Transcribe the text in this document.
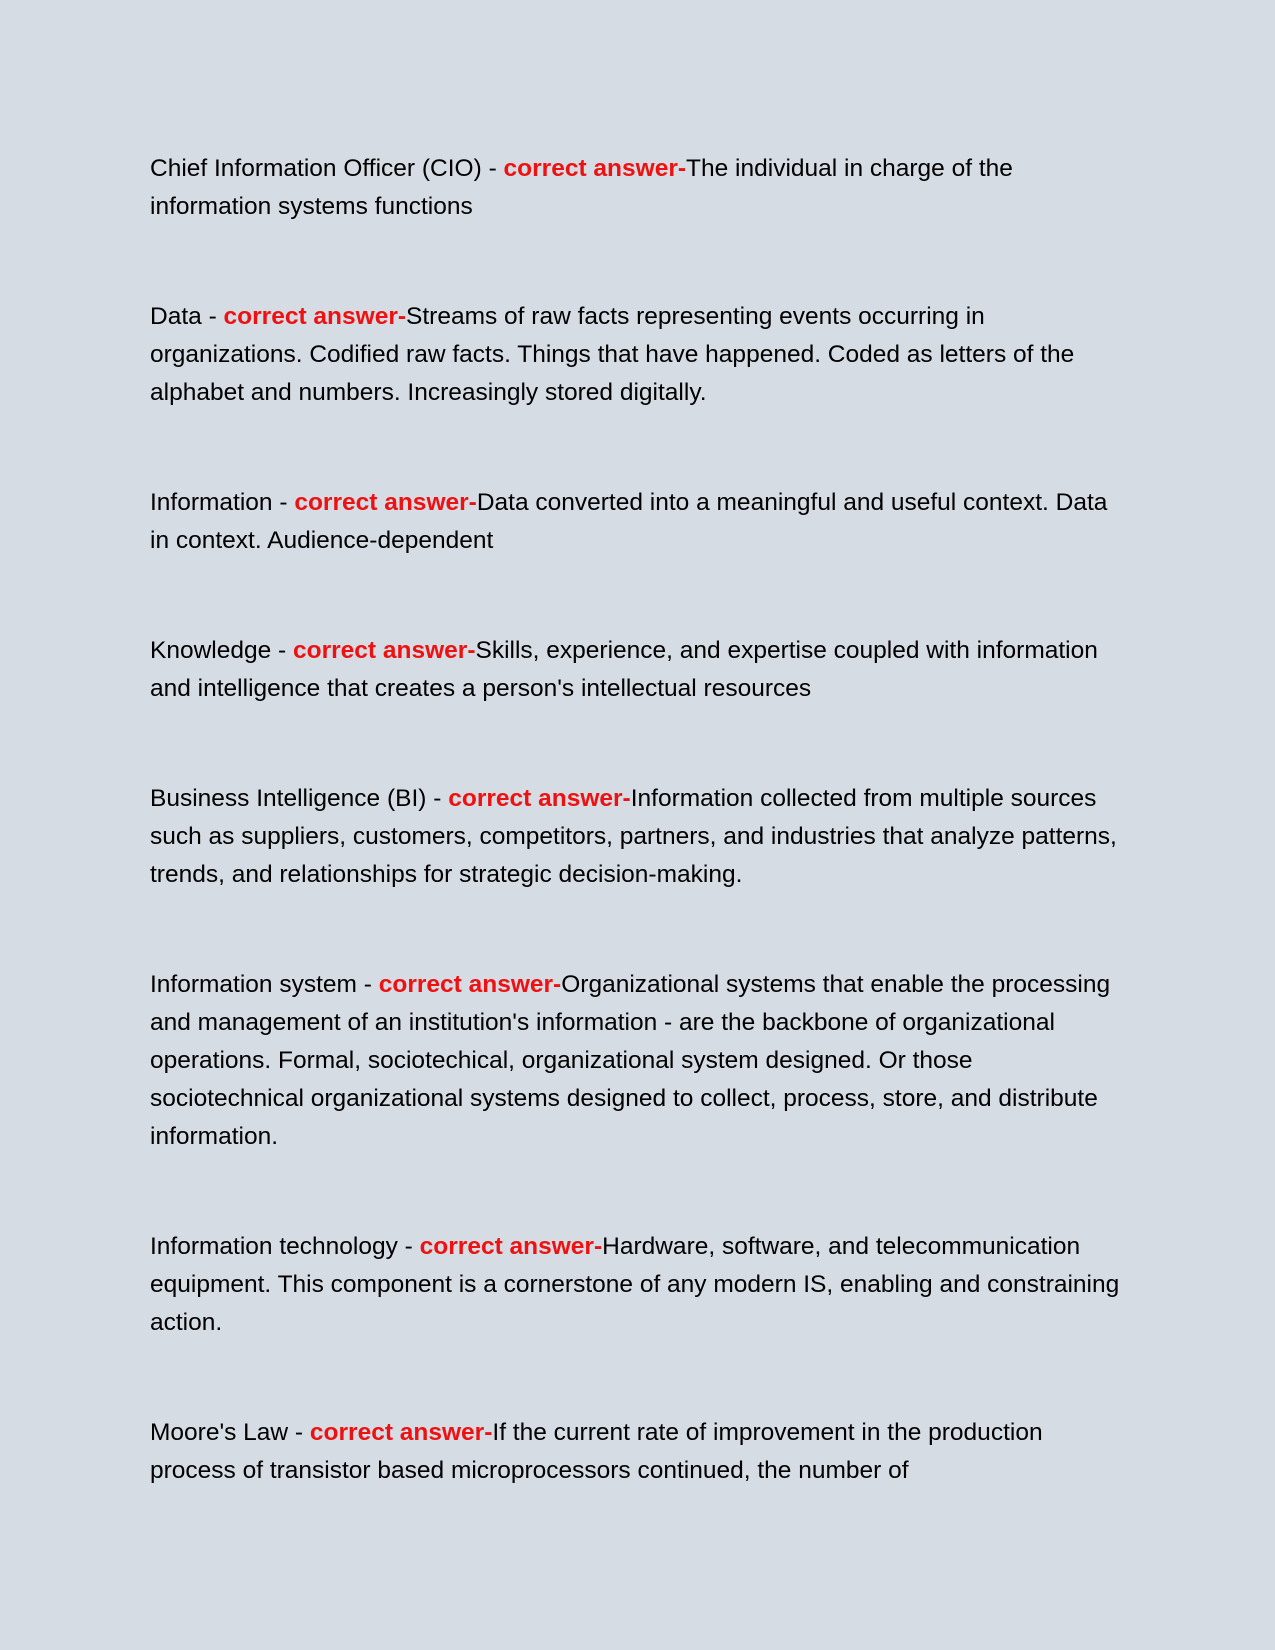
Chief Information Officer (CIO) - correct answer-The individual in charge of the information systems functions

Data - correct answer-Streams of raw facts representing events occurring in organizations. Codified raw facts. Things that have happened. Coded as letters of the alphabet and numbers. Increasingly stored digitally.

Information - correct answer-Data converted into a meaningful and useful context. Data in context. Audience-dependent

Knowledge - correct answer-Skills, experience, and expertise coupled with information and intelligence that creates a person's intellectual resources

Business Intelligence (BI) - correct answer-Information collected from multiple sources such as suppliers, customers, competitors, partners, and industries that analyze patterns, trends, and relationships for strategic decision-making.

Information system - correct answer-Organizational systems that enable the processing and management of an institution's information - are the backbone of organizational operations. Formal, sociotechical, organizational system designed. Or those sociotechnical organizational systems designed to collect, process, store, and distribute information.

Information technology - correct answer-Hardware, software, and telecommunication equipment. This component is a cornerstone of any modern IS, enabling and constraining action.

Moore's Law - correct answer-If the current rate of improvement in the production process of transistor based microprocessors continued, the number of
